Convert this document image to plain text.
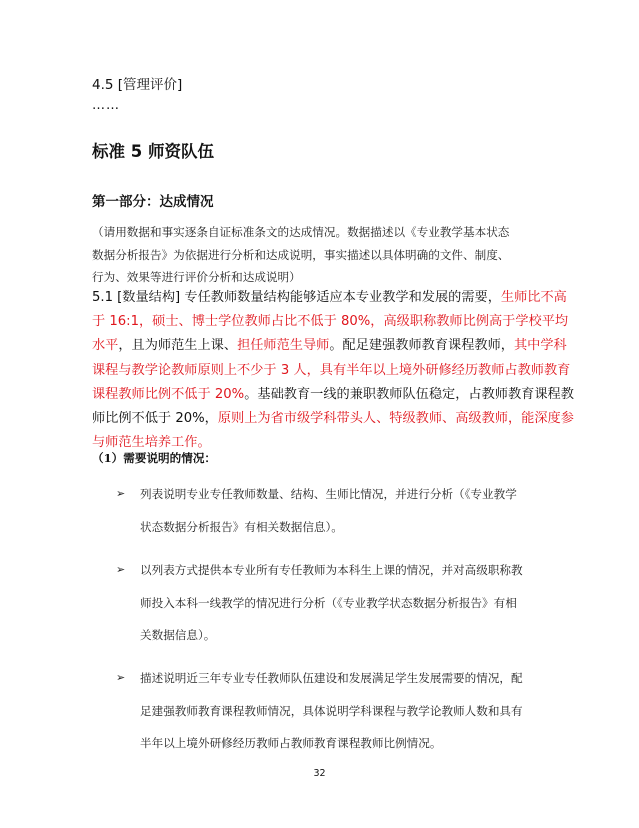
4.5 [管理评价]
……
标准 5 师资队伍
第一部分：达成情况

（请用数据和事实逐条自证标准条文的达成情况。数据描述以《专业教学基本状态

数据分析报告》为依据进行分析和达成说明，事实描述以具体明确的文件、制度、

行为、效果等进行评价分析和达成说明）

5.1 [数量结构] 专任教师数量结构能够适应本专业教学和发展的需要，生师比不高

于 16:1，硕士、博士学位教师占比不低于 80%，高级职称教师比例高于学校平均

水平，且为师范生上课、担任师范生导师。配足建强教师教育课程教师，其中学科

课程与教学论教师原则上不少于 3 人，具有半年以上境外研修经历教师占教师教育

课程教师比例不低于 20%。基础教育一线的兼职教师队伍稳定，占教师教育课程教

师比例不低于 20%，原则上为省市级学科带头人、特级教师、高级教师，能深度参

与师范生培养工作。

（1）需要说明的情况：
➢ 列表说明专业专任教师数量、结构、生师比情况，并进行分析（《专业教学

状态数据分析报告》有相关数据信息）。

➢ 以列表方式提供本专业所有专任教师为本科生上课的情况，并对高级职称教

师投入本科一线教学的情况进行分析（《专业教学状态数据分析报告》有相

关数据信息）。

➢ 描述说明近三年专业专任教师队伍建设和发展满足学生发展需要的情况，配

足建强教师教育课程教师情况，具体说明学科课程与教学论教师人数和具有

半年以上境外研修经历教师占教师教育课程教师比例情况。

32
